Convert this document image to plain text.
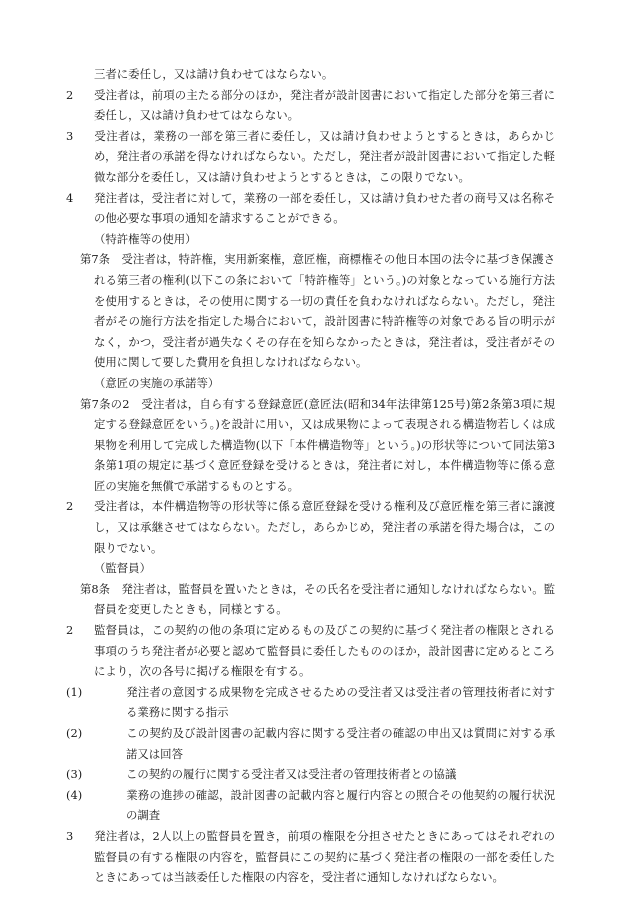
三者に委任し，又は請け負わせてはならない。

2 受注者は，前項の主たる部分のほか，発注者が設計図書において指定した部分を第三者に委任し，又は請け負わせてはならない。

3 受注者は，業務の一部を第三者に委任し，又は請け負わせようとするときは，あらかじめ，発注者の承諾を得なければならない。ただし，発注者が設計図書において指定した軽微な部分を委任し，又は請け負わせようとするときは，この限りでない。

4 発注者は，受注者に対して，業務の一部を委任し，又は請け負わせた者の商号又は名称その他必要な事項の通知を請求することができる。

（特許権等の使用）

第7条　 受注者は，特許権，実用新案権，意匠権，商標権その他日本国の法令に基づき保護される第三者の権利(以下この条において「特許権等」という。)の対象となっている施行方法を使用するときは，その使用に関する一切の責任を負わなければならない。ただし，発注者がその施行方法を指定した場合において，設計図書に特許権等の対象である旨の明示がなく，かつ，受注者が過失なくその存在を知らなかったときは，発注者は，受注者がその使用に関して要した費用を負担しなければならない。

（意匠の実施の承諾等）

第7条の2　 受注者は，自ら有する登録意匠(意匠法(昭和34年法律第125号)第2条第3項に規定する登録意匠をいう。)を設計に用い，又は成果物によって表現される構造物若しくは成果物を利用して完成した構造物(以下「本件構造物等」という。)の形状等について同法第3条第1項の規定に基づく意匠登録を受けるときは，発注者に対し，本件構造物等に係る意匠の実施を無償で承諾するものとする。

2 受注者は，本件構造物等の形状等に係る意匠登録を受ける権利及び意匠権を第三者に譲渡し，又は承継させてはならない。ただし，あらかじめ，発注者の承諾を得た場合は，この限りでない。

（監督員）

第8条　 発注者は，監督員を置いたときは，その氏名を受注者に通知しなければならない。監督員を変更したときも，同様とする。

2 監督員は，この契約の他の条項に定めるもの及びこの契約に基づく発注者の権限とされる事項のうち発注者が必要と認めて監督員に委任したもののほか，設計図書に定めるところにより，次の各号に掲げる権限を有する。

(1)	発注者の意図する成果物を完成させるための受注者又は受注者の管理技術者に対する業務に関する指示

(2)	この契約及び設計図書の記載内容に関する受注者の確認の申出又は質問に対する承諾又は回答

(3)	この契約の履行に関する受注者又は受注者の管理技術者との協議

(4)	業務の進捗の確認，設計図書の記載内容と履行内容との照合その他契約の履行状況の調査

3 発注者は，2人以上の監督員を置き，前項の権限を分担させたときにあってはそれぞれの監督員の有する権限の内容を，監督員にこの契約に基づく発注者の権限の一部を委任したときにあっては当該委任した権限の内容を，受注者に通知しなければならない。
